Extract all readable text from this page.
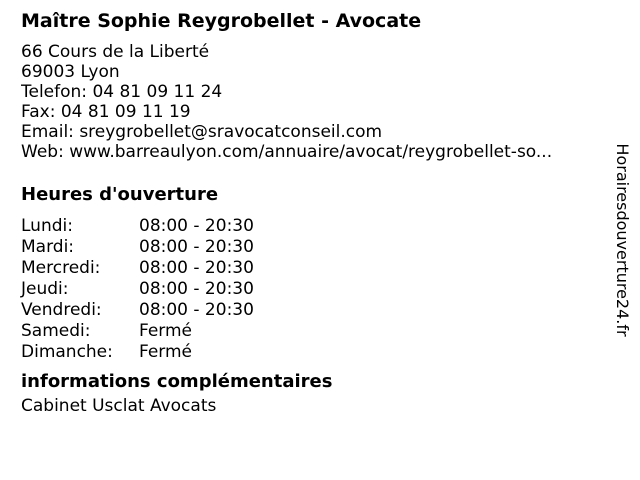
Maître Sophie Reygrobellet - Avocate
66 Cours de la Liberté
69003 Lyon
Telefon: 04 81 09 11 24
Fax: 04 81 09 11 19
Email: sreygrobellet@sravocatconseil.com
Web: www.barreaulyon.com/annuaire/avocat/reygrobellet-so...
Heures d'ouverture
Lundi:	08:00 - 20:30
Mardi:	08:00 - 20:30
Mercredi:	08:00 - 20:30
Jeudi:	08:00 - 20:30
Vendredi:	08:00 - 20:30
Samedi:	Fermé
Dimanche:	Fermé
informations complémentaires
Cabinet Usclat Avocats
Horairesdouverture24.fr
